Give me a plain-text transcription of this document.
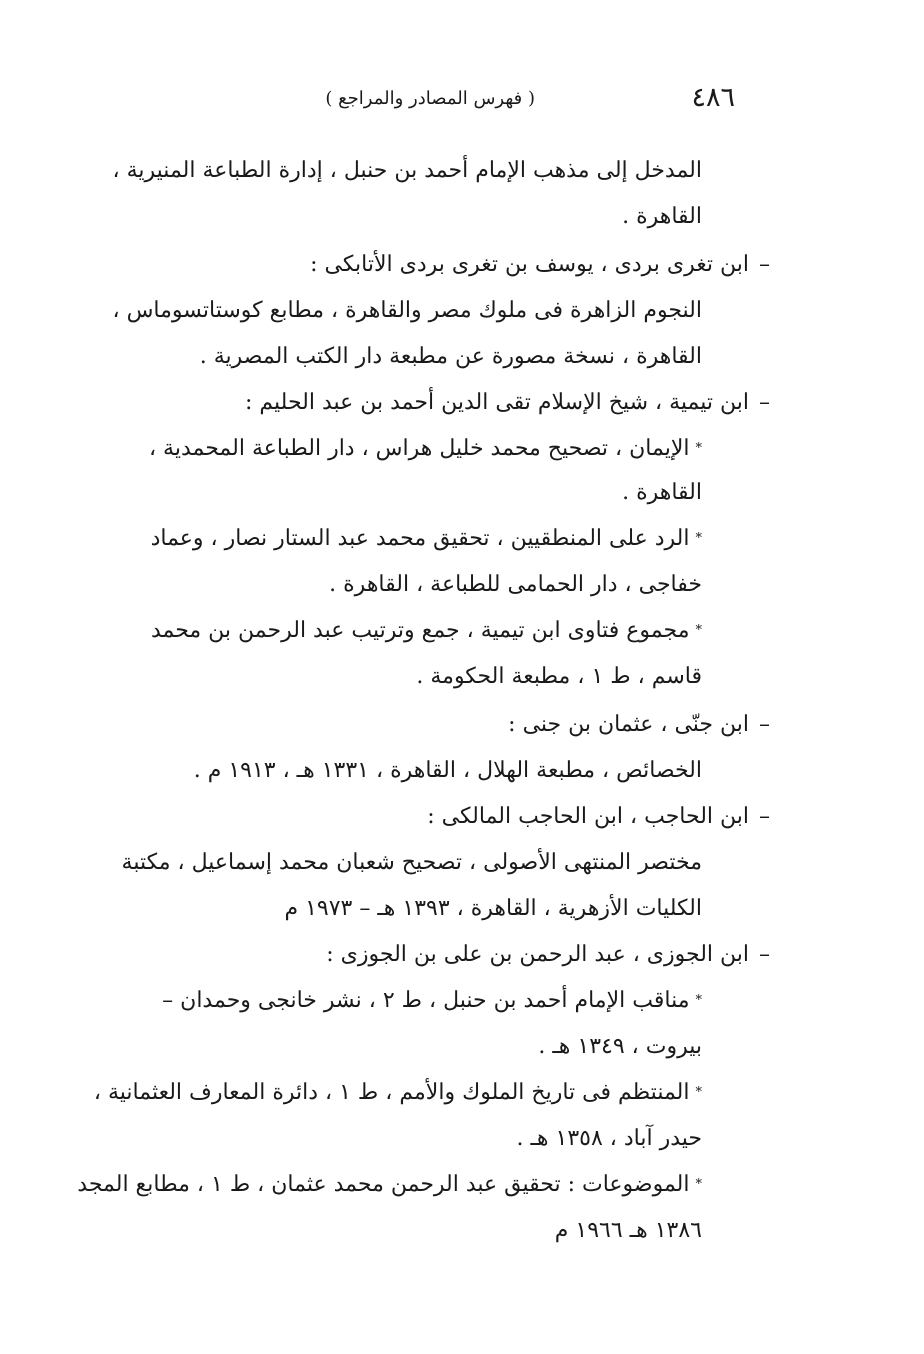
٤٨٦
( فهرس المصادر والمراجع )
المدخل إلى مذهب الإمام أحمد بن حنبل ، إدارة الطباعة المنيرية ،
القاهرة .
–ابن تغرى بردى ، يوسف بن تغرى بردى الأتابكى :
النجوم الزاهرة فى ملوك مصر والقاهرة ، مطابع كوستاتسوماس ،
القاهرة ، نسخة مصورة عن مطبعة دار الكتب المصرية .
–ابن تيمية ، شيخ الإسلام تقى الدين أحمد بن عبد الحليم :
*الإيمان ، تصحيح محمد خليل هراس ، دار الطباعة المحمدية ،
القاهرة .
*الرد على المنطقيين ، تحقيق محمد عبد الستار نصار ، وعماد
خفاجى ، دار الحمامى للطباعة ، القاهرة .
*مجموع فتاوى ابن تيمية ، جمع وترتيب عبد الرحمن بن محمد
قاسم ، ط ١ ، مطبعة الحكومة .
–ابن جنّى ، عثمان بن جنى :
الخصائص ، مطبعة الهلال ، القاهرة ، ١٣٣١ هـ ، ١٩١٣ م .
–ابن الحاجب ، ابن الحاجب المالكى :
مختصر المنتهى الأصولى ، تصحيح شعبان محمد إسماعيل ، مكتبة
الكليات الأزهرية ، القاهرة ، ١٣٩٣ هـ – ١٩٧٣ م
–ابن الجوزى ، عبد الرحمن بن على بن الجوزى :
*مناقب الإمام أحمد بن حنبل ، ط ٢ ، نشر خانجى وحمدان –
بيروت ، ١٣٤٩ هـ .
*المنتظم فى تاريخ الملوك والأمم ، ط ١ ، دائرة المعارف العثمانية ،
حيدر آباد ، ١٣٥٨ هـ .
*الموضوعات : تحقيق عبد الرحمن محمد عثمان ، ط ١ ، مطابع المجد
١٣٨٦ هـ ١٩٦٦ م
